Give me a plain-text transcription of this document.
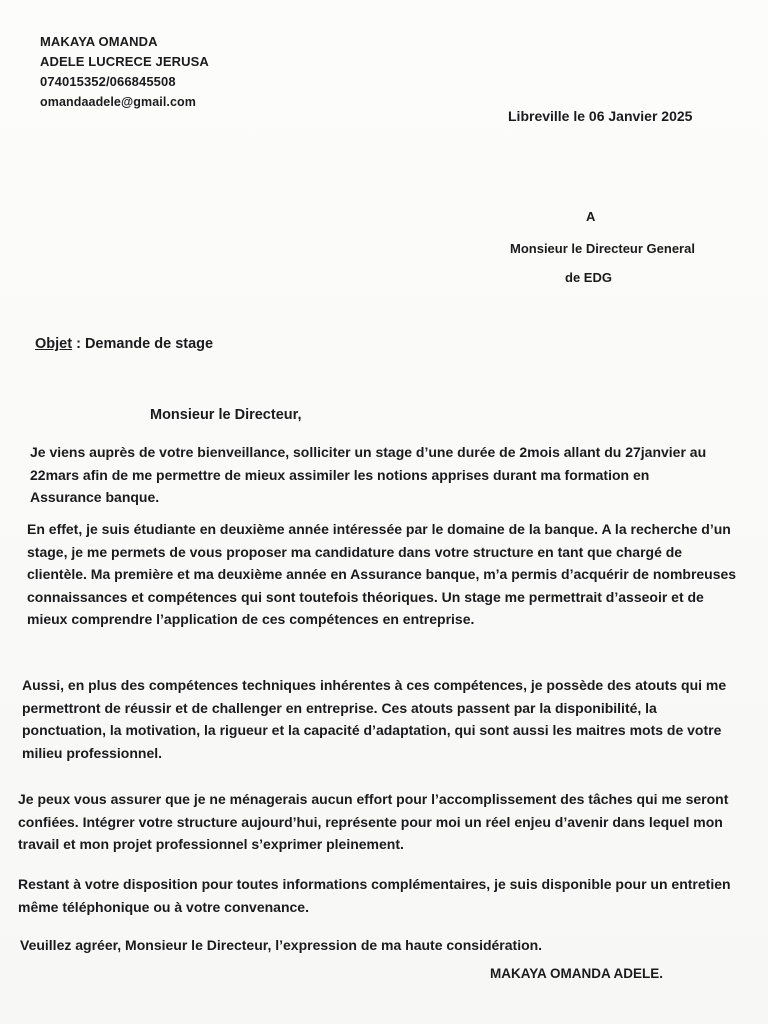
MAKAYA OMANDA
ADELE LUCRECE JERUSA
074015352/066845508
omandaadele@gmail.com
Libreville le 06 Janvier 2025
A
Monsieur le Directeur General
de EDG
Objet : Demande de stage
Monsieur le Directeur,
Je viens auprès de votre bienveillance, solliciter un stage d’une durée de 2mois allant du 27janvier au 22mars afin de me permettre de mieux assimiler les notions apprises durant ma formation en Assurance banque.
En effet, je suis étudiante en deuxième année intéressée par le domaine de la banque. A la recherche d’un stage, je me permets de vous proposer ma candidature dans votre structure en tant que chargé de clientèle. Ma première et ma deuxième année en Assurance banque, m’a permis d’acquérir de nombreuses connaissances et compétences qui sont toutefois théoriques. Un stage me permettrait d’asseoir et de mieux comprendre l’application de ces compétences en entreprise.
Aussi, en plus des compétences techniques inhérentes à ces compétences, je possède des atouts qui me permettront de réussir et de challenger en entreprise. Ces atouts passent par la disponibilité, la ponctuation, la motivation, la rigueur et la capacité d’adaptation, qui sont aussi les maitres mots de votre milieu professionnel.
Je peux vous assurer que je ne ménagerais aucun effort pour l’accomplissement des tâches qui me seront confiées. Intégrer votre structure aujourd’hui, représente pour moi un réel enjeu d’avenir dans lequel mon travail et mon projet professionnel s’exprimer pleinement.
Restant à votre disposition pour toutes informations complémentaires, je suis disponible pour un entretien même téléphonique ou à votre convenance.
Veuillez agréer, Monsieur le Directeur, l’expression de ma haute considération.
MAKAYA OMANDA ADELE.
